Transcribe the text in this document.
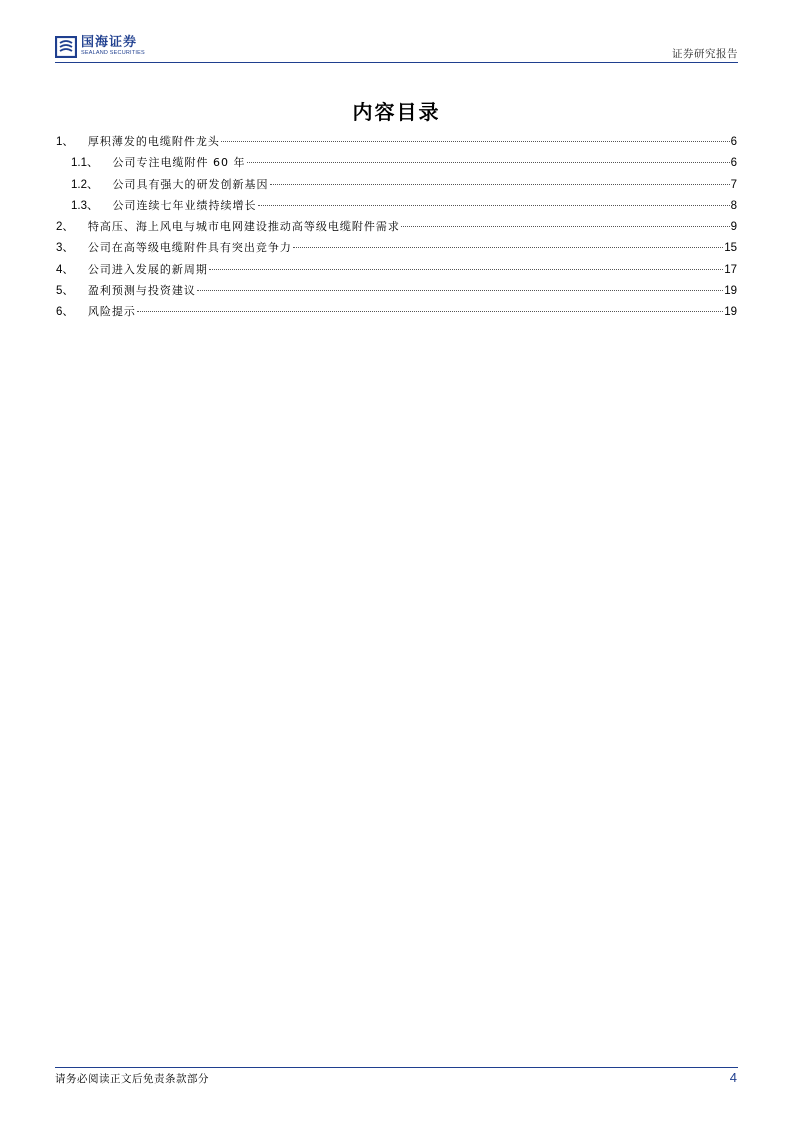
国海证券
SEALAND SECURITIES	证券研究报告
内容目录
1、 厚积薄发的电缆附件龙头	6
1.1、 公司专注电缆附件 60 年	6
1.2、 公司具有强大的研发创新基因	7
1.3、 公司连续七年业绩持续增长	8
2、 特高压、海上风电与城市电网建设推动高等级电缆附件需求	9
3、 公司在高等级电缆附件具有突出竞争力	15
4、 公司进入发展的新周期	17
5、 盈利预测与投资建议	19
6、 风险提示	19
请务必阅读正文后免责条款部分	4
